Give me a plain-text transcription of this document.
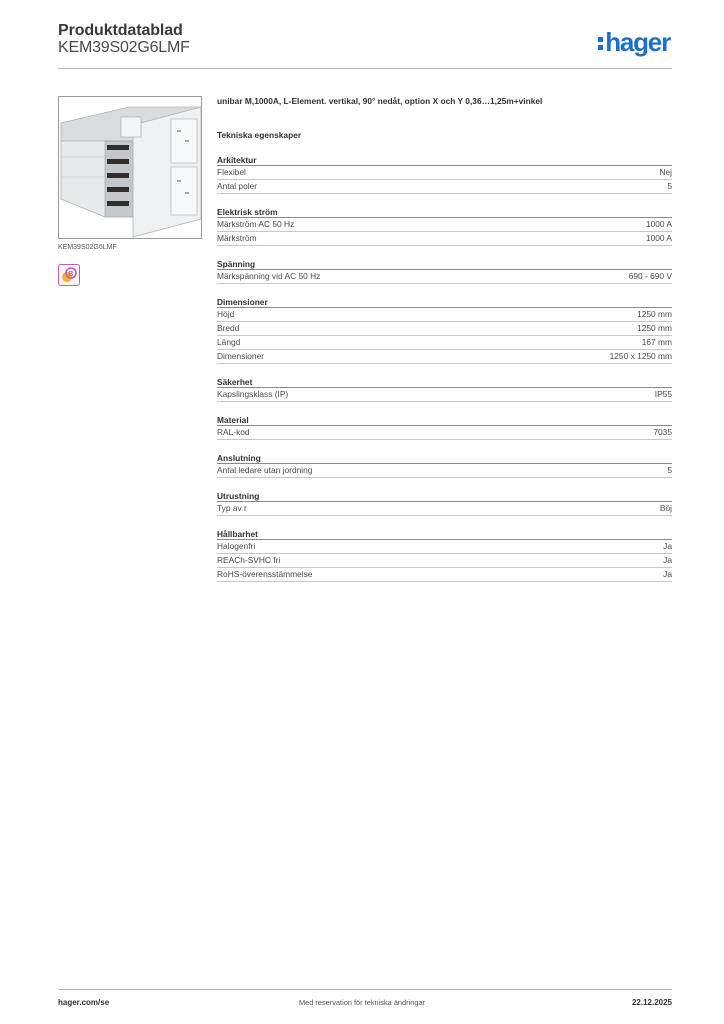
Produktdatablad
KEM39S02G6LMF	hager
KEM39S02G6LMF
B
unibar M,1000A, L-Element. vertikal, 90° nedåt, option X och Y 0,36…1,25m+vinkel
Tekniska egenskaper
Arkitektur
Flexibel	Nej
Antal poler	5
Elektrisk ström
Märkström AC 50 Hz	1000 A
Märkström	1000 A
Spänning
Märkspänning vid AC 50 Hz	690 - 690 V
Dimensioner
Höjd	1250 mm
Bredd	1250 mm
Längd	167 mm
Dimensioner	1250 x 1250 mm
Säkerhet
Kapslingsklass (IP)	IP55
Material
RAL-kod	7035
Anslutning
Antal ledare utan jordning	5
Utrustning
Typ av r	Böj
Hållbarhet
Halogenfri	Ja
REACh-SVHC fri	Ja
RoHS-överensstämmelse	Ja
hager.com/se	Med reservation för tekniska ändringar	22.12.2025
